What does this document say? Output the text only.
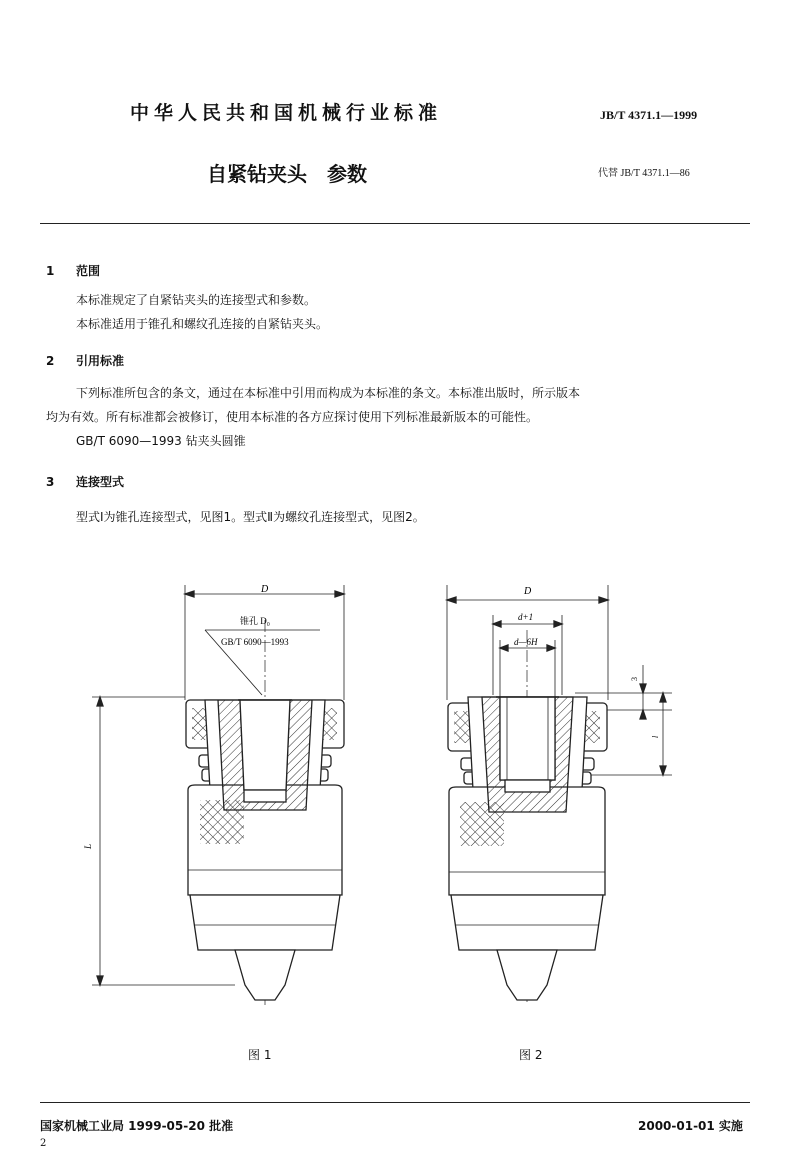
中华人民共和国机械行业标准	JB/T 4371.1—1999
自紧钻夹头 参数	代替 JB/T 4371.1—86
1 范围
本标准规定了自紧钻夹头的连接型式和参数。
本标准适用于锥孔和螺纹孔连接的自紧钻夹头。
2 引用标准
下列标准所包含的条文，通过在本标准中引用而构成为本标准的条文。本标准出版时，所示版本
均为有效。所有标准都会被修订，使用本标准的各方应探讨使用下列标准最新版本的可能性。
GB/T 6090—1993 钻夹头圆锥
3 连接型式
型式Ⅰ为锥孔连接型式，见图1。型式Ⅱ为螺纹孔连接型式，见图2。
D
锥孔 D₀
GB/T 6090—1993
L
D
d+1
d—6H
3
l
图 1	图 2
国家机械工业局 1999-05-20 批准	2000-01-01 实施
2
